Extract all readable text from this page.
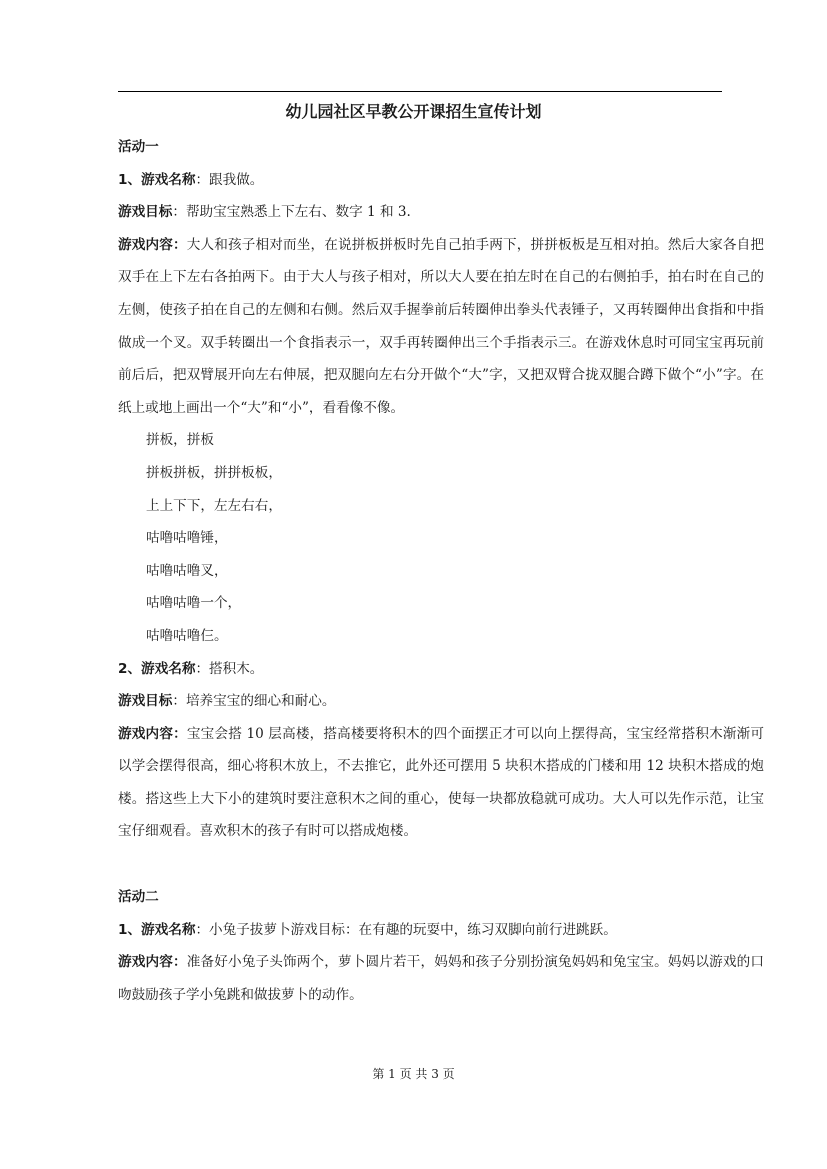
幼儿园社区早教公开课招生宣传计划

活动一

1、游戏名称：跟我做。

游戏目标：帮助宝宝熟悉上下左右、数字 1 和 3.

游戏内容：大人和孩子相对而坐，在说拼板拼板时先自己拍手两下，拼拼板板是互相对拍。然后大家各自把双手在上下左右各拍两下。由于大人与孩子相对，所以大人要在拍左时在自己的右侧拍手，拍右时在自己的左侧，使孩子拍在自己的左侧和右侧。然后双手握拳前后转圈伸出拳头代表锤子，又再转圈伸出食指和中指做成一个叉。双手转圈出一个食指表示一，双手再转圈伸出三个手指表示三。在游戏休息时可同宝宝再玩前前后后，把双臂展开向左右伸展，把双腿向左右分开做个“大”字，又把双臂合拢双腿合蹲下做个“小”字。在纸上或地上画出一个“大”和“小”，看看像不像。

拼板，拼板

拼板拼板，拼拼板板，

上上下下，左左右右，

咕噜咕噜锤，

咕噜咕噜叉，

咕噜咕噜一个，

咕噜咕噜仨。

2、游戏名称：搭积木。

游戏目标：培养宝宝的细心和耐心。

游戏内容：宝宝会搭 10 层高楼，搭高楼要将积木的四个面摆正才可以向上摆得高，宝宝经常搭积木渐渐可以学会摆得很高，细心将积木放上，不去推它，此外还可摆用 5 块积木搭成的门楼和用 12 块积木搭成的炮楼。搭这些上大下小的建筑时要注意积木之间的重心，使每一块都放稳就可成功。大人可以先作示范，让宝宝仔细观看。喜欢积木的孩子有时可以搭成炮楼。

活动二

1、游戏名称：小兔子拔萝卜游戏目标：在有趣的玩耍中，练习双脚向前行进跳跃。

游戏内容：准备好小兔子头饰两个，萝卜圆片若干，妈妈和孩子分别扮演兔妈妈和兔宝宝。妈妈以游戏的口吻鼓励孩子学小兔跳和做拔萝卜的动作。

第 1 页 共 3 页
